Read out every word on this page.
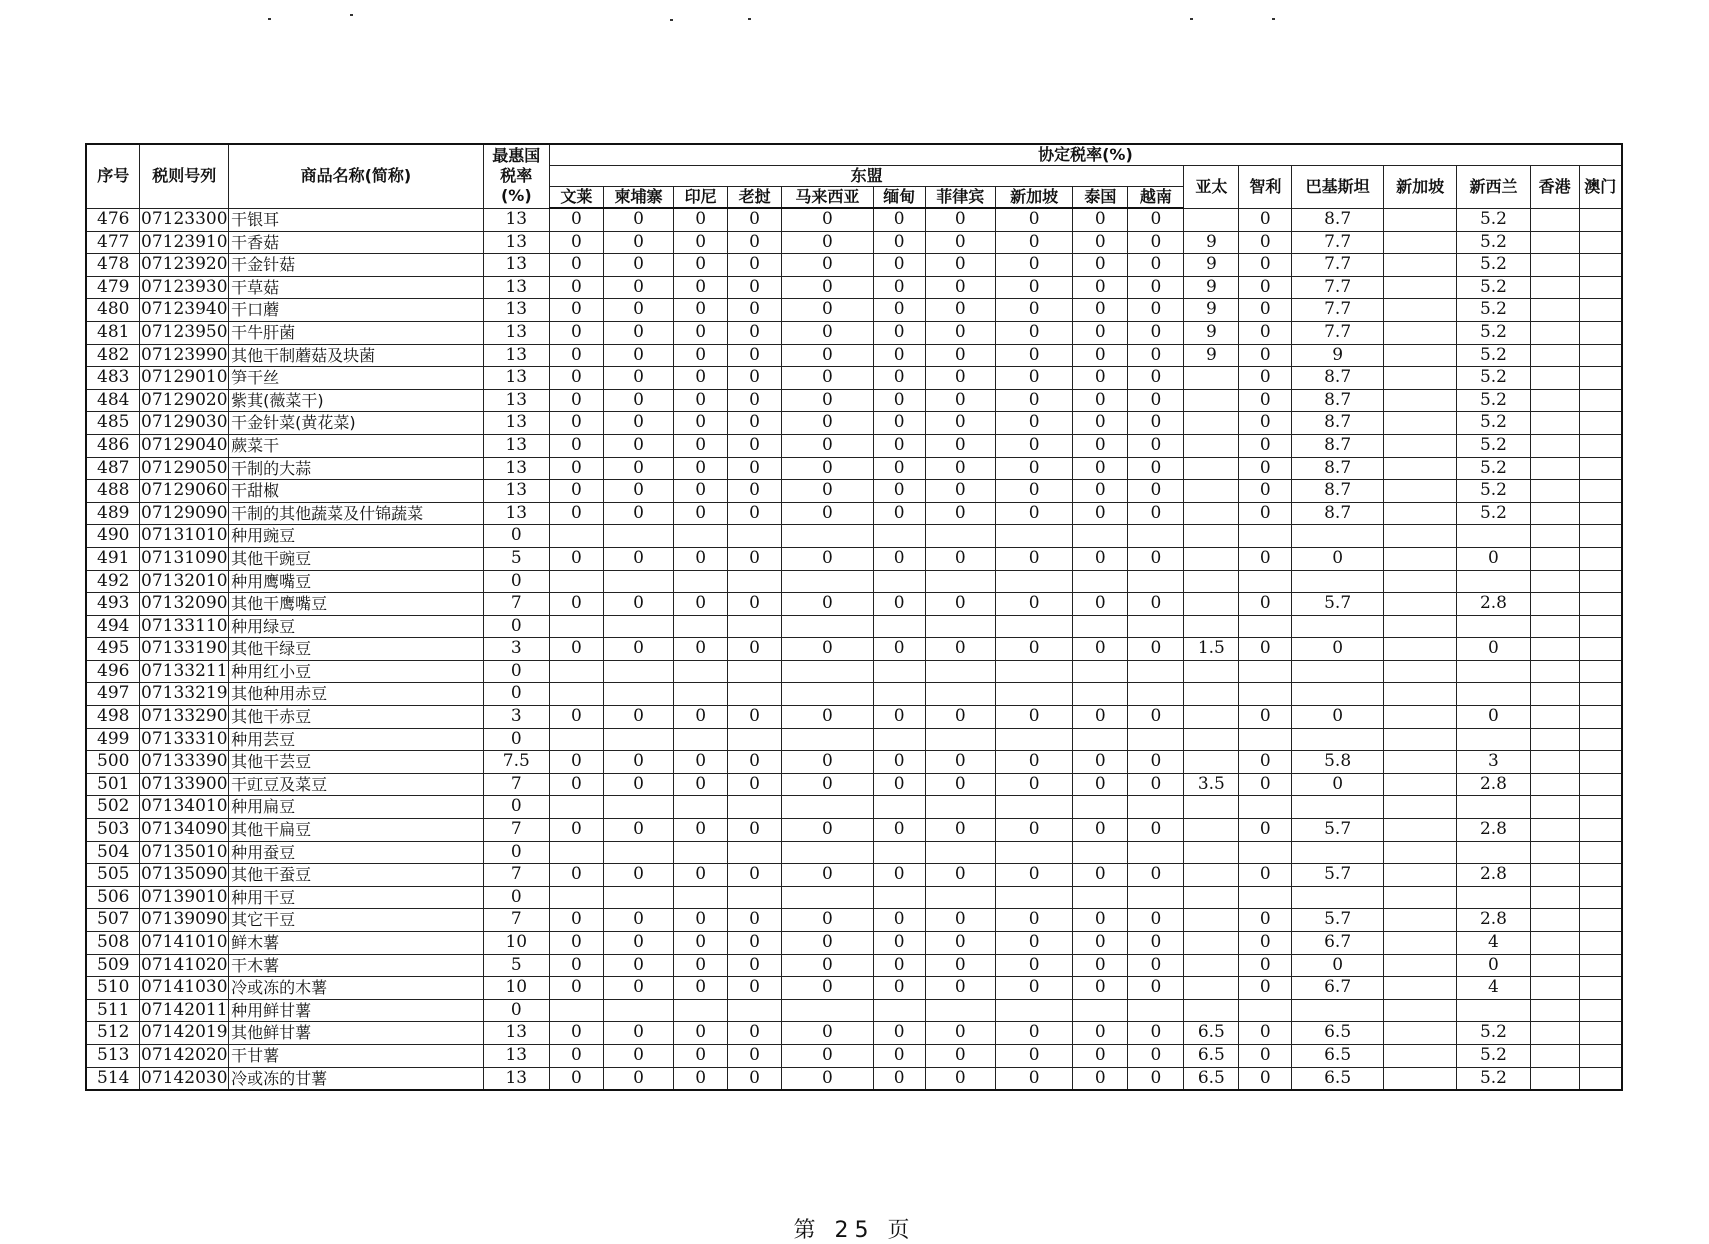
序号	税则号列	商品名称(简称)	最惠国
税率
(%)	协定税率(%)																
				东盟										亚太	智利	巴基斯坦	新加坡	新西兰	香港	澳门
				文莱	柬埔寨	印尼	老挝	马来西亚	缅甸	菲律宾	新加坡	泰国	越南							
476	07123300	干银耳	13	0	0	0	0	0	0	0	0	0	0		0	8.7		5.2		
477	07123910	干香菇	13	0	0	0	0	0	0	0	0	0	0	9	0	7.7		5.2		
478	07123920	干金针菇	13	0	0	0	0	0	0	0	0	0	0	9	0	7.7		5.2		
479	07123930	干草菇	13	0	0	0	0	0	0	0	0	0	0	9	0	7.7		5.2		
480	07123940	干口蘑	13	0	0	0	0	0	0	0	0	0	0	9	0	7.7		5.2		
481	07123950	干牛肝菌	13	0	0	0	0	0	0	0	0	0	0	9	0	7.7		5.2		
482	07123990	其他干制蘑菇及块菌	13	0	0	0	0	0	0	0	0	0	0	9	0	9		5.2		
483	07129010	笋干丝	13	0	0	0	0	0	0	0	0	0	0		0	8.7		5.2		
484	07129020	紫萁(薇菜干)	13	0	0	0	0	0	0	0	0	0	0		0	8.7		5.2		
485	07129030	干金针菜(黄花菜)	13	0	0	0	0	0	0	0	0	0	0		0	8.7		5.2		
486	07129040	蕨菜干	13	0	0	0	0	0	0	0	0	0	0		0	8.7		5.2		
487	07129050	干制的大蒜	13	0	0	0	0	0	0	0	0	0	0		0	8.7		5.2		
488	07129060	干甜椒	13	0	0	0	0	0	0	0	0	0	0		0	8.7		5.2		
489	07129090	干制的其他蔬菜及什锦蔬菜	13	0	0	0	0	0	0	0	0	0	0		0	8.7		5.2		
490	07131010	种用豌豆	0																	
491	07131090	其他干豌豆	5	0	0	0	0	0	0	0	0	0	0		0	0		0		
492	07132010	种用鹰嘴豆	0																	
493	07132090	其他干鹰嘴豆	7	0	0	0	0	0	0	0	0	0	0		0	5.7		2.8		
494	07133110	种用绿豆	0																	
495	07133190	其他干绿豆	3	0	0	0	0	0	0	0	0	0	0	1.5	0	0		0		
496	07133211	种用红小豆	0																	
497	07133219	其他种用赤豆	0																	
498	07133290	其他干赤豆	3	0	0	0	0	0	0	0	0	0	0		0	0		0		
499	07133310	种用芸豆	0																	
500	07133390	其他干芸豆	7.5	0	0	0	0	0	0	0	0	0	0		0	5.8		3		
501	07133900	干豇豆及菜豆	7	0	0	0	0	0	0	0	0	0	0	3.5	0	0		2.8		
502	07134010	种用扁豆	0																	
503	07134090	其他干扁豆	7	0	0	0	0	0	0	0	0	0	0		0	5.7		2.8		
504	07135010	种用蚕豆	0																	
505	07135090	其他干蚕豆	7	0	0	0	0	0	0	0	0	0	0		0	5.7		2.8		
506	07139010	种用干豆	0																	
507	07139090	其它干豆	7	0	0	0	0	0	0	0	0	0	0		0	5.7		2.8		
508	07141010	鲜木薯	10	0	0	0	0	0	0	0	0	0	0		0	6.7		4		
509	07141020	干木薯	5	0	0	0	0	0	0	0	0	0	0		0	0		0		
510	07141030	冷或冻的木薯	10	0	0	0	0	0	0	0	0	0	0		0	6.7		4		
511	07142011	种用鲜甘薯	0																	
512	07142019	其他鲜甘薯	13	0	0	0	0	0	0	0	0	0	0	6.5	0	6.5		5.2		
513	07142020	干甘薯	13	0	0	0	0	0	0	0	0	0	0	6.5	0	6.5		5.2		
514	07142030	冷或冻的甘薯	13	0	0	0	0	0	0	0	0	0	0	6.5	0	6.5		5.2		
第 25 页
